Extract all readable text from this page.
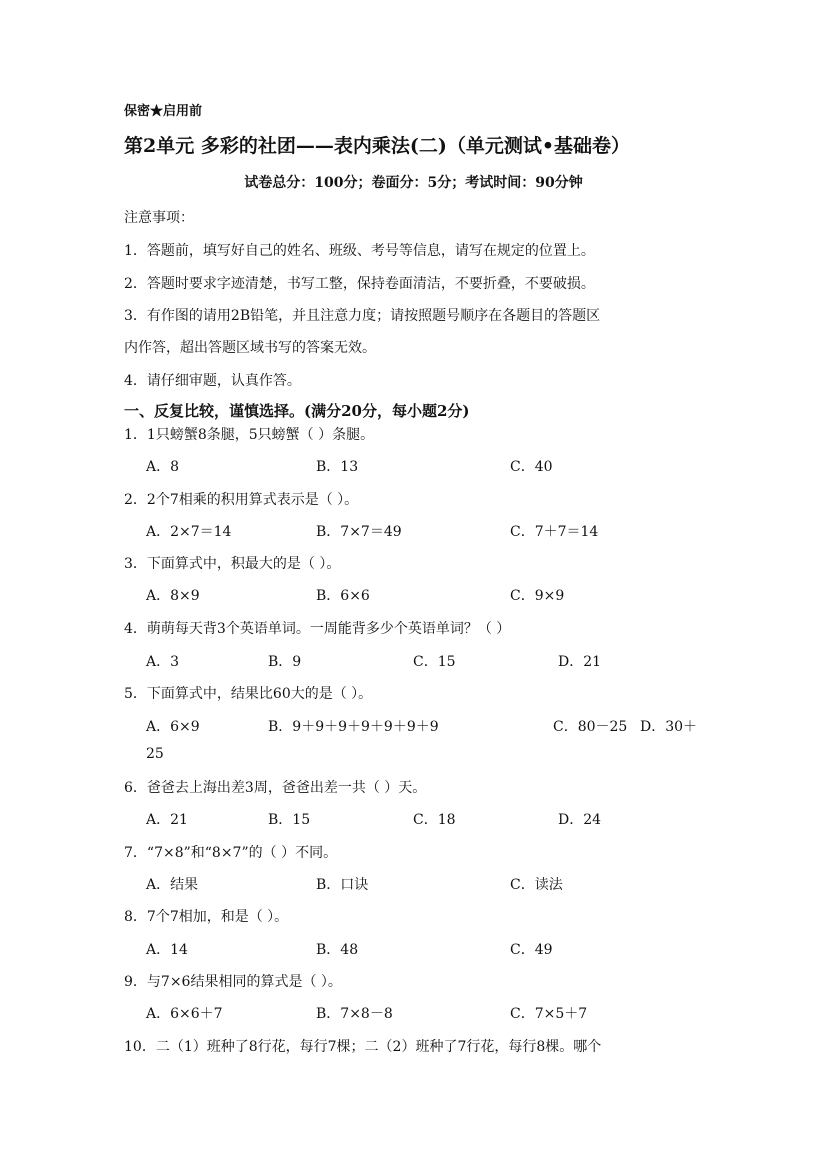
保密★启用前
第2单元 多彩的社团——表内乘法(二)（单元测试•基础卷）
试卷总分：100分；卷面分：5分；考试时间：90分钟
注意事项：
1．答题前，填写好自己的姓名、班级、考号等信息，请写在规定的位置上。
2．答题时要求字迹清楚，书写工整，保持卷面清洁，不要折叠，不要破损。
3．有作图的请用2B铅笔，并且注意力度；请按照题号顺序在各题目的答题区
内作答，超出答题区域书写的答案无效。
4．请仔细审题，认真作答。
一、反复比较，谨慎选择。(满分20分，每小题2分)
1．1只螃蟹8条腿，5只螃蟹（ ）条腿。
A．8	B．13	C．40
2．2个7相乘的积用算式表示是（ ）。
A．2×7＝14	B．7×7＝49	C．7＋7＝14
3．下面算式中，积最大的是（ ）。
A．8×9	B．6×6	C．9×9
4．萌萌每天背3个英语单词。一周能背多少个英语单词？（ ）
A．3	B．9	C．15	D．21
5．下面算式中，结果比60大的是（ ）。
A．6×9	B．9＋9＋9＋9＋9＋9＋9	C．80－25 D．30＋
25
6．爸爸去上海出差3周，爸爸出差一共（ ）天。
A．21	B．15	C．18	D．24
7．“7×8”和“8×7”的（ ）不同。
A．结果	B．口诀	C．读法
8．7个7相加，和是（ ）。
A．14	B．48	C．49
9．与7×6结果相同的算式是（ ）。
A．6×6＋7	B．7×8－8	C．7×5＋7
10．二（1）班种了8行花，每行7棵；二（2）班种了7行花，每行8棵。哪个
